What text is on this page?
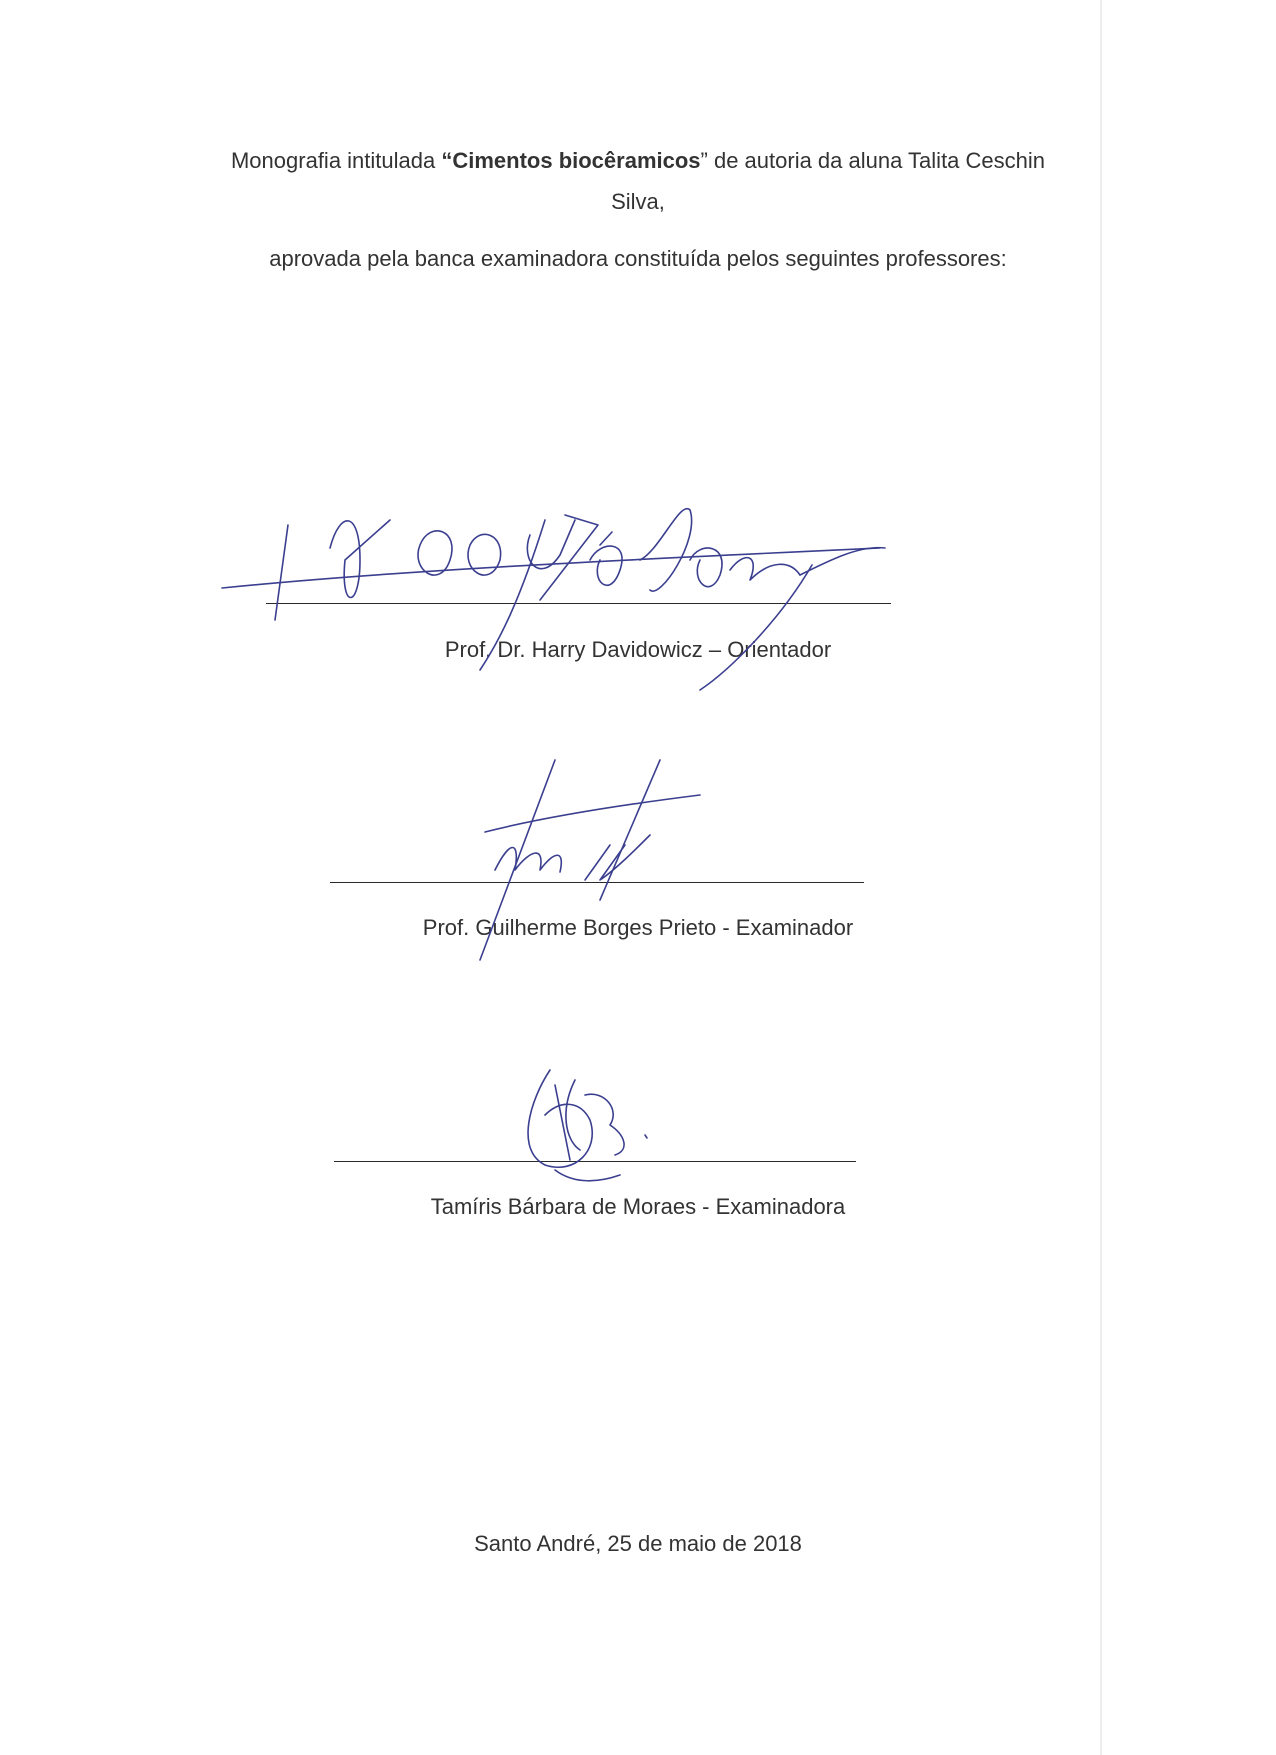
Monografia intitulada “Cimentos biocêramicos” de autoria da aluna Talita Ceschin
Silva,
aprovada pela banca examinadora constituída pelos seguintes professores:
Prof. Dr. Harry Davidowicz – Orientador
Prof. Guilherme Borges Prieto - Examinador
Tamíris Bárbara de Moraes - Examinadora
Santo André, 25 de maio de 2018
